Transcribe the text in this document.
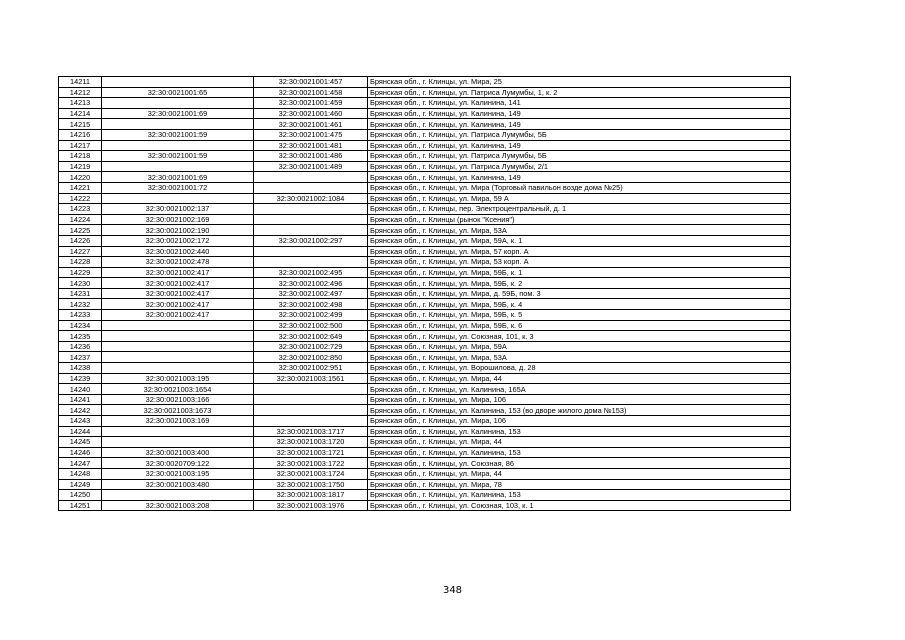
14211		32:30:0021001:457	Брянская обл., г. Клинцы, ул. Мира, 25
14212	32:30:0021001:65	32:30:0021001:458	Брянская обл., г. Клинцы, ул. Патриса Лумумбы, 1, к. 2
14213		32:30:0021001:459	Брянская обл., г. Клинцы, ул. Калинина, 141
14214	32:30:0021001:69	32:30:0021001:460	Брянская обл., г. Клинцы, ул. Калинина, 149
14215		32:30:0021001:461	Брянская обл., г. Клинцы, ул. Калинина, 149
14216	32:30:0021001:59	32:30:0021001:475	Брянская обл., г. Клинцы, ул. Патриса Лумумбы, 5Б
14217		32:30:0021001:481	Брянская обл., г. Клинцы, ул. Калинина, 149
14218	32:30:0021001:59	32:30:0021001:486	Брянская обл., г. Клинцы, ул. Патриса Лумумбы, 5Б
14219		32:30:0021001:489	Брянская обл., г. Клинцы, ул. Патриса Лумумбы, 2/1
14220	32:30:0021001:69		Брянская обл., г. Клинцы, ул. Калинина, 149
14221	32:30:0021001:72		Брянская обл., г. Клинцы, ул. Мира (Торговый павильон возде дома №25)
14222		32:30:0021002:1084	Брянская обл., г. Клинцы, ул. Мира, 59 А
14223	32:30:0021002:137		Брянская обл., г. Клинцы, пер. Электроцентральный, д. 1
14224	32:30:0021002:169		Брянская обл., г. Клинцы (рынок "Ксения")
14225	32:30:0021002:190		Брянская обл., г. Клинцы, ул. Мира, 53А
14226	32:30:0021002:172	32:30:0021002:297	Брянская обл., г. Клинцы, ул. Мира, 59А, к. 1
14227	32:30:0021002:440		Брянская обл., г. Клинцы, ул. Мира, 57 корп. А
14228	32:30:0021002:478		Брянская обл., г. Клинцы, ул. Мира, 53 корп. А
14229	32:30:0021002:417	32:30:0021002:495	Брянская обл., г. Клинцы, ул. Мира, 59Б, к. 1
14230	32:30:0021002:417	32:30:0021002:496	Брянская обл., г. Клинцы, ул. Мира, 59Б, к. 2
14231	32:30:0021002:417	32:30:0021002:497	Брянская обл., г. Клинцы, ул. Мира, д. 59Б, пом. 3
14232	32:30:0021002:417	32:30:0021002:498	Брянская обл., г. Клинцы, ул. Мира, 59Б, к. 4
14233	32:30:0021002:417	32:30:0021002:499	Брянская обл., г. Клинцы, ул. Мира, 59Б, к. 5
14234		32:30:0021002:500	Брянская обл., г. Клинцы, ул. Мира, 59Б, к. 6
14235		32:30:0021002:649	Брянская обл., г. Клинцы, ул. Союзная, 101, к. 3
14236		32:30:0021002:729	Брянская обл., г. Клинцы, ул. Мира, 59А
14237		32:30:0021002:850	Брянская обл., г. Клинцы, ул. Мира, 53А
14238		32:30:0021002:951	Брянская обл., г. Клинцы, ул. Ворошилова, д. 28
14239	32:30:0021003:195	32:30:0021003:1561	Брянская обл., г. Клинцы, ул. Мира, 44
14240	32:30:0021003:1654		Брянская обл., г. Клинцы, ул. Калинина, 165А
14241	32:30:0021003:166		Брянская обл., г. Клинцы, ул. Мира, 106
14242	32:30:0021003:1673		Брянская обл., г. Клинцы, ул. Калинина, 153 (во дворе жилого дома №153)
14243	32:30:0021003:169		Брянская обл., г. Клинцы, ул. Мира, 106
14244		32:30:0021003:1717	Брянская обл., г. Клинцы, ул. Калинина, 153
14245		32:30:0021003:1720	Брянская обл., г. Клинцы, ул. Мира, 44
14246	32:30:0021003:400	32:30:0021003:1721	Брянская обл., г. Клинцы, ул. Калинина, 153
14247	32:30:0020709:122	32:30:0021003:1722	Брянская обл., г. Клинцы, ул. Союзная, 86
14248	32:30:0021003:195	32:30:0021003:1724	Брянская обл., г. Клинцы, ул. Мира, 44
14249	32:30:0021003:480	32:30:0021003:1750	Брянская обл., г. Клинцы, ул. Мира, 78
14250		32:30:0021003:1817	Брянская обл., г. Клинцы, ул. Калинина, 153
14251	32:30:0021003:208	32:30:0021003:1976	Брянская обл., г. Клинцы, ул. Союзная, 103, к. 1
348
